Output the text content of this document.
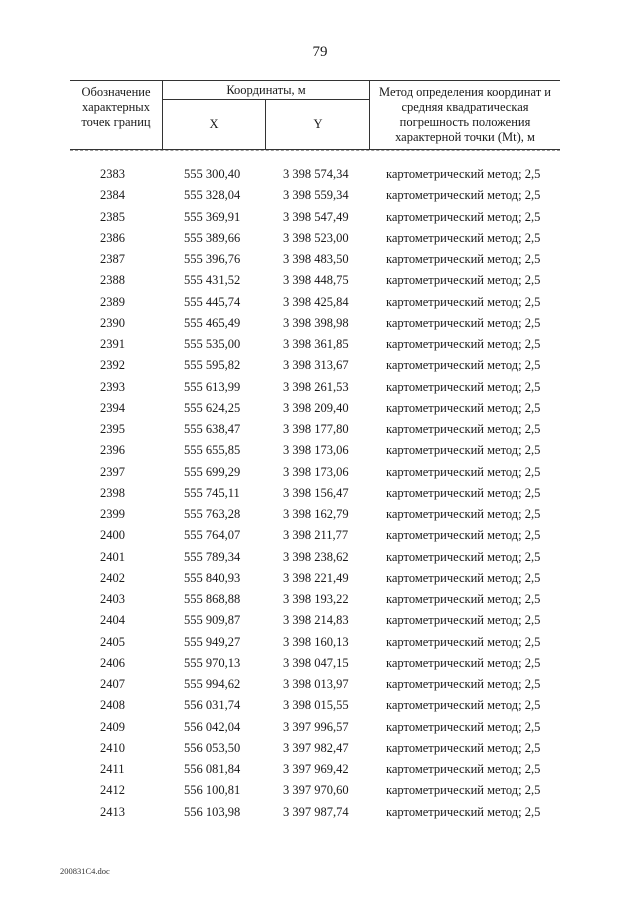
79
Обозначение характерных точек границ
Координаты, м
X	Y
Метод определения координат и средняя квадратическая погрешность положения характерной точки (Mt), м
2383	555 300,40	3 398 574,34	картометрический метод; 2,5
2384	555 328,04	3 398 559,34	картометрический метод; 2,5
2385	555 369,91	3 398 547,49	картометрический метод; 2,5
2386	555 389,66	3 398 523,00	картометрический метод; 2,5
2387	555 396,76	3 398 483,50	картометрический метод; 2,5
2388	555 431,52	3 398 448,75	картометрический метод; 2,5
2389	555 445,74	3 398 425,84	картометрический метод; 2,5
2390	555 465,49	3 398 398,98	картометрический метод; 2,5
2391	555 535,00	3 398 361,85	картометрический метод; 2,5
2392	555 595,82	3 398 313,67	картометрический метод; 2,5
2393	555 613,99	3 398 261,53	картометрический метод; 2,5
2394	555 624,25	3 398 209,40	картометрический метод; 2,5
2395	555 638,47	3 398 177,80	картометрический метод; 2,5
2396	555 655,85	3 398 173,06	картометрический метод; 2,5
2397	555 699,29	3 398 173,06	картометрический метод; 2,5
2398	555 745,11	3 398 156,47	картометрический метод; 2,5
2399	555 763,28	3 398 162,79	картометрический метод; 2,5
2400	555 764,07	3 398 211,77	картометрический метод; 2,5
2401	555 789,34	3 398 238,62	картометрический метод; 2,5
2402	555 840,93	3 398 221,49	картометрический метод; 2,5
2403	555 868,88	3 398 193,22	картометрический метод; 2,5
2404	555 909,87	3 398 214,83	картометрический метод; 2,5
2405	555 949,27	3 398 160,13	картометрический метод; 2,5
2406	555 970,13	3 398 047,15	картометрический метод; 2,5
2407	555 994,62	3 398 013,97	картометрический метод; 2,5
2408	556 031,74	3 398 015,55	картометрический метод; 2,5
2409	556 042,04	3 397 996,57	картометрический метод; 2,5
2410	556 053,50	3 397 982,47	картометрический метод; 2,5
2411	556 081,84	3 397 969,42	картометрический метод; 2,5
2412	556 100,81	3 397 970,60	картометрический метод; 2,5
2413	556 103,98	3 397 987,74	картометрический метод; 2,5
200831C4.doc
